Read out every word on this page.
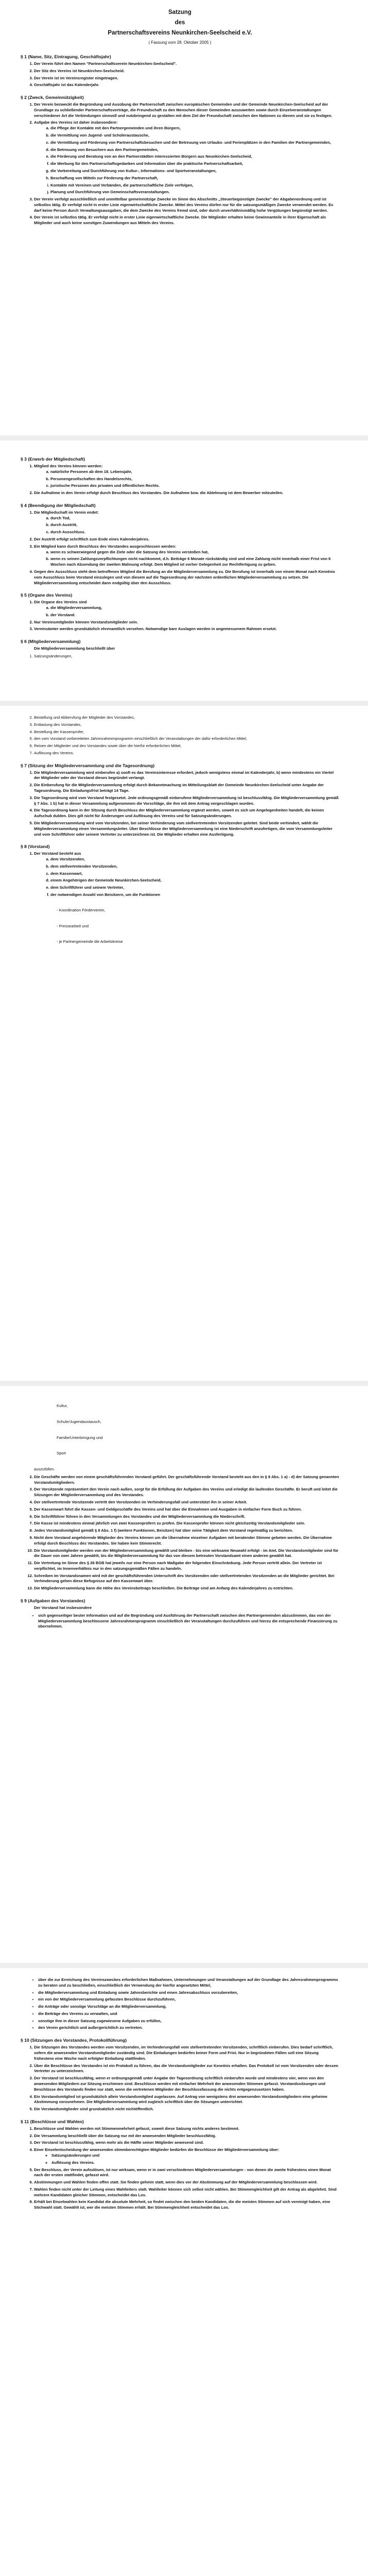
Satzung
des
Partnerschaftsvereins Neunkirchen-Seelscheid e.V.
( Fassung vom 28. Oktober 2005 )
§ 1 (Name, Sitz, Eintragung, Geschäftsjahr)
1. Der Verein führt den Namen "Partnerschaftsverein Neunkirchen-Seelscheid".
2. Der Sitz des Vereins ist Neunkirchen-Seelscheid.
3. Der Verein ist im Vereinsregister eingetragen.
4. Geschäftsjahr ist das Kalenderjahr.
§ 2 (Zweck, Gemeinnützigkeit)
1. Der Verein bezweckt die Begründung und Ausübung der Partnerschaft zwischen europäischen Gemeinden und der Gemeinde Neunkirchen-Seelscheid auf der Grundlage zu schließender Partnerschaftsverträge, die Freundschaft zu den Menschen dieser Gemeinden auszuweiten sowie durch Einzelveranstaltungen verschiedener Art die Verbindungen sinnvoll und nutzbringend zu gestalten mit dem Ziel der Freundschaft zwischen den Nationen zu dienen und sie zu festigen.
2. Aufgabe des Vereins ist daher insbesondere:
a. die Pflege der Kontakte mit den Partnergemeinden und ihren Bürgern,
b. die Vermittlung von Jugend- und Schüleraustausche,
c. die Vermittlung und Förderung von Partnerschaftsbesuchen und der Betreuung von Urlaubs- und Ferienplätzen in den Familien der Partnergemeinden,
d. die Betreuung von Besuchern aus den Partnergemeinden,
e. die Förderung und Beratung von an den Partnerstädten interessierten Bürgern aus Neunkirchen-Seelscheid,
f. die Werbung für den Partnerschaftsgedanken und Information über die praktische Partnerschaftsarbeit,
g. die Vorbereitung und Durchführung von Kultur-, Informations- und Sportveranstaltungen,
h. Beschaffung von Mitteln zur Förderung der Partnerschaft,
i. Kontakte mit Vereinen und Verbänden, die partnerschaftliche Ziele verfolgen,
j. Planung und Durchführung von Gemeinschaftsveranstaltungen.
3. Der Verein verfolgt ausschließlich und unmittelbar gemeinnützige Zwecke im Sinne des Abschnitts „Steuerbegünstigte Zwecke" der Abgabenordnung und ist selbstlos tätig. Er verfolgt nicht in erster Linie eigenwirtschaftliche Zwecke. Mittel des Vereins dürfen nur für die satzungsmäßigen Zwecke verwendet werden. Es darf keine Person durch Verwaltungsausgaben, die dem Zwecke des Vereins fremd sind, oder durch unverhältnismäßig hohe Vergütungen begünstigt werden.
4. Der Verein ist selbstlos tätig. Er verfolgt nicht in erster Linie eigenwirtschaftliche Zwecke. Die Mitglieder erhalten keine Gewinnanteile in ihrer Eigenschaft als Mitglieder und auch keine sonstigen Zuwendungen aus Mitteln des Vereins.
§ 3 (Erwerb der Mitgliedschaft)
1. Mitglied des Vereins können werden:
a. natürliche Personen ab dem 18. Lebensjahr,
b. Personengesellschaften des Handelsrechts,
c. juristische Personen des privaten und öffentlichen Rechts.
2. Die Aufnahme in den Verein erfolgt durch Beschluss des Vorstandes. Die Aufnahme bzw. die Ablehnung ist dem Bewerber mitzuteilen.
§ 4 (Beendigung der Mitgliedschaft)
1. Die Mitgliedschaft im Verein endet:
a. durch Tod,
b. durch Austritt,
c. durch Ausschluss.
2. Der Austritt erfolgt schriftlich zum Ende eines Kalenderjahres.
3. Ein Mitglied kann durch Beschluss des Vorstandes ausgeschlossen werden:
a. wenn es schwerwiegend gegen die Ziele oder die Satzung des Vereins verstoßen hat,
b. wenn es seinen Zahlungsverpflichtungen nicht nachkommt, d.h. Beiträge 6 Monate rückständig sind und eine Zahlung nicht innerhalb einer Frist von 6 Wochen nach Absendung der zweiten Mahnung erfolgt. Dem Mitglied ist vorher Gelegenheit zur Rechtfertigung zu geben.
4. Gegen den Ausschluss steht dem betroffenen Mitglied die Berufung an die Mitgliederversammlung zu. Die Berufung ist innerhalb von einem Monat nach Kenntnis vom Ausschluss beim Vorstand einzulegen und von diesem auf die Tagesordnung der nächsten ordentlichen Mitgliederversammlung zu setzen. Die Mitgliederversammlung entscheidet dann endgültig über den Ausschluss.
§ 5 (Organe des Vereins)
1. Die Organe des Vereins sind
a. die Mitgliederversammlung,
b. der Vorstand.
2. Nur Vereinsmitglieder können Vorstandsmitglieder sein.
3. Vereinsämter werden grundsätzlich ehrenamtlich versehen. Notwendige bare Auslagen werden in angemessenem Rahmen ersetzt.
§ 6 (Mitgliederversammlung)
Die Mitgliederversammlung beschließt über
1. Satzungsänderungen,
2. Bestellung und Abberufung der Mitglieder des Vorstandes,
3. Entlastung des Vorstandes,
4. Bestellung der Kassenprüfer,
5. den vom Vorstand vorbereiteten Jahresrahmenprogramm einschließlich der Veranstaltungen der dafür erforderlichen Mittel,
6. Reisen der Mitglieder und des Vorstandes sowie über die hierfür erforderlichen Mittel,
7. Auflösung des Vereins.
§ 7 (Sitzung der Mitgliederversammlung und die Tagesordnung)
1. Die Mitgliederversammlung wird einberufen a) sooft es das Vereinsinteresse erfordert, jedoch wenigstens einmal im Kalenderjahr, b) wenn mindestens ein Viertel der Mitglieder oder der Vorstand dieses begründet verlangt.
2. Die Einberufung für die Mitgliederversammlung erfolgt durch Bekanntmachung im Mitteilungsblatt der Gemeinde Neunkirchen-Seelscheid unter Angabe der Tagesordnung. Die Einladungsfrist beträgt 14 Tage.
3. Die Tagesordnung wird vom Vorstand festgesetzt. Jede ordnungsgemäß einberufene Mitgliederversammlung ist beschlussfähig. Die Mitgliederversammlung gemäß § 7 Abs. 1 b) hat in dieser Versammlung aufgenommen die Vorschläge, die ihm mit dem Antrag vorgeschlagen wurden.
4. Die Tagesordnung kann in der Sitzung durch Beschluss der Mitgliederversammlung ergänzt werden, soweit es sich um Angelegenheiten handelt, die keinen Aufschub dulden. Dies gilt nicht für Änderungen und Auflösung des Vereins und für Satzungsänderungen.
5. Die Mitgliederversammlung wird vom Vorsitzenden, bei seiner Verhinderung vom stellvertretenden Vorsitzenden geleitet. Sind beide verhindert, wählt die Mitgliederversammlung einen Versammlungsleiter. Über Beschlüsse der Mitgliederversammlung ist eine Niederschrift anzufertigen, die vom Versammlungsleiter und vom Schriftführer oder seinem Vertreter zu unterzeichnen ist. Die Mitglieder erhalten eine Ausfertigung.
§ 8 (Vorstand)
1. Der Vorstand besteht aus
a. dem Vorsitzenden,
b. dem stellvertretenden Vorsitzenden,
c. dem Kassenwart,
d. einem Angehörigen der Gemeinde Neunkirchen-Seelscheid,
e. dem Schriftführer und seinem Vertreter,
f. der notwendigen Anzahl von Beisitzern, um die Funktionen
- Koordination Förderverein,
- Pressearbeit und
- je Partnergemeinde die Arbeitskreise
Kultur,
Schule/Jugendaustausch,
Familie/Unterbringung und
Sport
auszufüllen.
2. Die Geschäfte werden von einem geschäftsführenden Vorstand geführt. Der geschäftsführende Vorstand besteht aus den in § 8 Abs. 1 a) - d) der Satzung genannten Vorstandsmitgliedern.
3. Der Vorsitzende repräsentiert den Verein nach außen, sorgt für die Erfüllung der Aufgaben des Vereins und erledigt die laufenden Geschäfte. Er beruft und leitet die Sitzungen der Mitgliederversammlung und des Vorstandes.
4. Der stellvertretende Vorsitzende vertritt den Vorsitzenden im Verhinderungsfall und unterstützt ihn in seiner Arbeit.
5. Der Kassenwart führt die Kassen- und Geldgeschäfte des Vereins und hat über die Einnahmen und Ausgaben in einfacher Form Buch zu führen.
6. Die Schriftführer führen in den Versammlungen des Vorstandes und der Mitgliederversammlung die Niederschrift.
7. Die Kasse ist mindestens einmal jährlich von zwei Kassenprüfern zu prüfen. Die Kassenprüfer können nicht gleichzeitig Vorstandsmitglieder sein.
8. Jedes Vorstandsmitglied gemäß § 8 Abs. 1 f) (weitere Funktionen, Beisitzer) hat über seine Tätigkeit dem Vorstand regelmäßig zu berichten.
9. Nicht dem Vorstand angehörende Mitglieder des Vereins können um die Übernahme einzelner Aufgaben mit beratender Stimme gebeten werden. Die Übernahme erfolgt durch Beschluss des Vorstandes. Sie haben kein Stimmrecht.
10. Die Vorstandsmitglieder werden von der Mitgliederversammlung gewählt und bleiben - bis eine wirksame Neuwahl erfolgt - im Amt. Die Vorstandsmitglieder sind für die Dauer von zwei Jahren gewählt, bis die Mitgliederversammlung für das von diesem betreuten Vorstandsamt einen anderen gewählt hat.
11. Die Vertretung im Sinne des § 26 BGB hat jeweils nur eine Person nach Maßgabe der folgenden Einschränkung. Jede Person vertritt allein. Der Vertreter ist verpflichtet, im Innenverhältnis nur in den satzungsgemäßen Fällen zu handeln.
12. Schreiben im Vorstandsnamen wird mit der geschäftsführenden Unterschrift des Vorsitzenden oder stellvertretenden Vorsitzenden an die Mitglieder gerichtet. Bei Verhinderung gehen diese Befugnisse auf den Kassenwart über.
13. Die Mitgliederversammlung kann die Höhe des Vereinsbeitrags beschließen. Die Beiträge sind am Anfang des Kalenderjahres zu entrichten.
§ 9 (Aufgaben des Vorstandes)
Der Vorstand hat insbesondere
• sich gegenseitiger bester Information und auf die Begründung und Ausführung der Partnerschaft zwischen den Partnergemeinden abzustimmen, das von der Mitgliederversammlung beschlossene Jahresrahmenprogramm einschließlich der Veranstaltungen durchzuführen und hierzu die entsprechende Finanzierung zu übernehmen.
• über die zur Erreichung des Vereinszweckes erforderlichen Maßnahmen, Unternehmungen und Veranstaltungen auf der Grundlage des Jahresrahmenprogramms zu beraten und zu beschließen, einschließlich der Verwendung der hierfür angesetzten Mittel,
• die Mitgliederversammlung und Einladung sowie Jahresberichte und einen Jahresabschluss vorzubereiten,
• ein von der Mitgliederversammlung gefassten Beschlüsse durchzuführen,
• die Anträge oder sonstige Vorschläge an die Mitgliederversammlung,
• die Beiträge des Vereins zu verwalten, und
• sonstige Ihm in dieser Satzung zugewiesene Aufgaben zu erfüllen,
• den Verein gerichtlich und außergerichtlich zu vertreten.
§ 10 (Sitzungen des Vorstandes, Protokollführung)
1. Die Sitzungen des Vorstandes werden vom Vorsitzenden, im Verhinderungsfall vom stellvertretenden Vorsitzenden, schriftlich einberufen. Dies bedarf schriftlich, sofern die anwesenden Vorstandsmitglieder zuständig sind. Die Einladungen bedürfen keiner Form und Frist. Nur in begründeten Fällen soll eine Sitzung frühestens eine Woche nach erfolgter Einladung stattfinden.
2. Über die Beschlüsse des Vorstandes ist ein Protokoll zu führen, das die Vorstandsmitglieder zur Kenntnis erhalten. Das Protokoll ist vom Vorsitzenden oder dessen Vertreter zu unterzeichnen.
3. Der Vorstand ist beschlussfähig, wenn er ordnungsgemäß unter Angabe der Tagesordnung schriftlich einberufen wurde und mindestens vier, wenn von den anwesenden Mitgliedern zur Sitzung erschienen sind. Beschlüsse werden mit einfacher Mehrheit der anwesenden Stimmen gefasst. Vorstandssitzungen und Beschlüsse des Vorstands finden nur statt, wenn die vertretenen Mitglieder der Beschlussfassung die nichts entgegenzusetzen haben.
4. Ein Vorstandsmitglied ist grundsätzlich allein Vorstandsmitglied zugelassen. Auf Antrag von wenigstens drei anwesenden Vorstandsmitgliedern eine geheime Abstimmung vorzunehmen. Die Mitgliederversammlung wird zugleich schriftlich über die Sitzungen unterrichtet.
5. Die Vorstandsmitglieder sind grundsätzlich nicht nichtöffentlich.
§ 11 (Beschlüsse und Wahlen)
1. Beschlüsse und Wahlen werden mit Stimmenmehrheit gefasst, soweit diese Satzung nichts anderes bestimmt.
2. Die Versammlung beschließt über die Satzung nur mit der anwesenden Mitglieder beschlussfähig.
3. Der Vorstand ist beschlussfähig, wenn mehr als die Hälfte seiner Mitglieder anwesend sind.
4. Einer Einzelentscheidung der anwesenden stimmberechtigten Mitglieder bedürfen die Beschlüsse der Mitgliederversammlung über:
◦ Satzungsänderungen und
◦ Auflösung des Vereins.
5. Der Beschluss, der Verein aufzulösen, ist nur wirksam, wenn er in zwei verschiedenen Mitgliederversammlungen - von denen die zweite frühestens einen Monat nach der ersten stattfindet, gefasst wird.
6. Abstimmungen und Wahlen finden offen statt. Sie finden geheim statt, wenn dies vor der Abstimmung auf der Mitgliederversammlung beschlossen wird.
7. Wahlen finden nicht unter der Leitung eines Wahlleiters statt. Wahlleiter können sich selbst nicht wählen. Bei Stimmengleichheit gilt der Antrag als abgelehnt. Sind mehrere Kandidaten gleicher Stimmen, entscheidet das Los.
8. Erhält bei Einzelwahlen kein Kandidat die absolute Mehrheit, so findet zwischen den beiden Kandidaten, die die meisten Stimmen auf sich vereinigt haben, eine Stichwahl statt. Gewählt ist, wer die meisten Stimmen erhält. Bei Stimmengleichheit entscheidet das Los.
